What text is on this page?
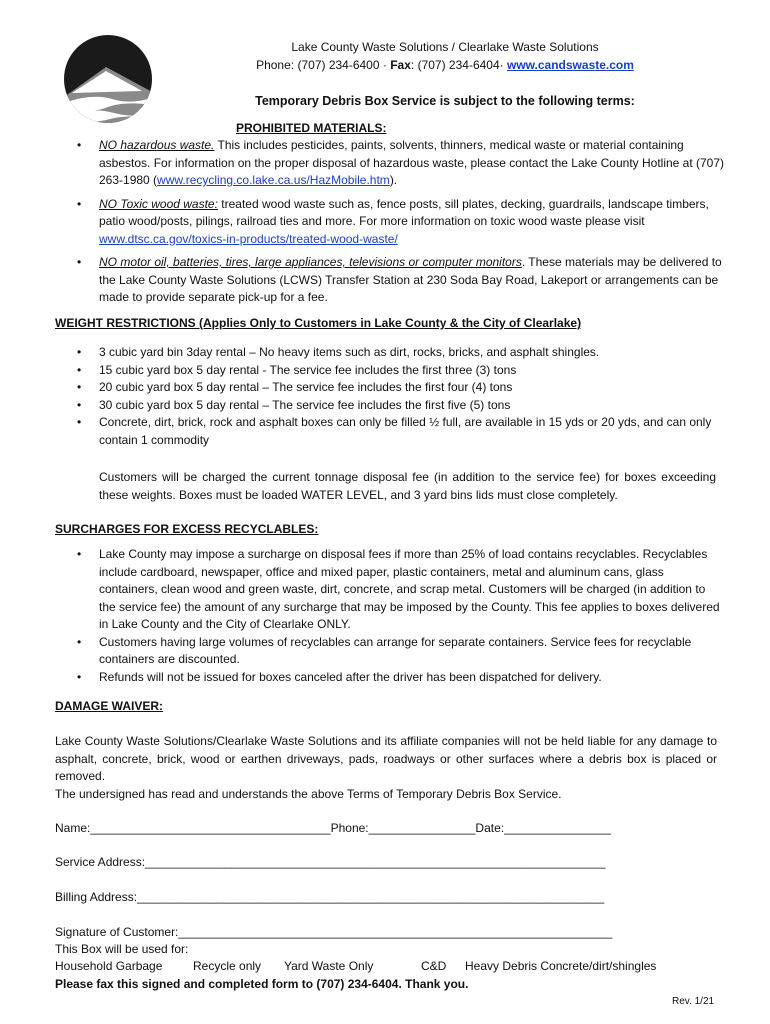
Lake County Waste Solutions / Clearlake Waste Solutions
Phone: (707) 234-6400 · Fax: (707) 234-6404· www.candswaste.com
Temporary Debris Box Service is subject to the following terms:
PROHIBITED MATERIALS:
• NO hazardous waste. This includes pesticides, paints, solvents, thinners, medical waste or material containing asbestos. For information on the proper disposal of hazardous waste, please contact the Lake County Hotline at (707) 263-1980 (www.recycling.co.lake.ca.us/HazMobile.htm).
• NO Toxic wood waste: treated wood waste such as, fence posts, sill plates, decking, guardrails, landscape timbers, patio wood/posts, pilings, railroad ties and more. For more information on toxic wood waste please visit www.dtsc.ca.gov/toxics-in-products/treated-wood-waste/
• NO motor oil, batteries, tires, large appliances, televisions or computer monitors. These materials may be delivered to the Lake County Waste Solutions (LCWS) Transfer Station at 230 Soda Bay Road, Lakeport or arrangements can be made to provide separate pick-up for a fee.
WEIGHT RESTRICTIONS (Applies Only to Customers in Lake County & the City of Clearlake)
• 3 cubic yard bin 3day rental – No heavy items such as dirt, rocks, bricks, and asphalt shingles.
• 15 cubic yard box 5 day rental - The service fee includes the first three (3) tons
• 20 cubic yard box 5 day rental – The service fee includes the first four (4) tons
• 30 cubic yard box 5 day rental – The service fee includes the first five (5) tons
• Concrete, dirt, brick, rock and asphalt boxes can only be filled ½ full, are available in 15 yds or 20 yds, and can only contain 1 commodity
Customers will be charged the current tonnage disposal fee (in addition to the service fee) for boxes exceeding these weights. Boxes must be loaded WATER LEVEL, and 3 yard bins lids must close completely.
SURCHARGES FOR EXCESS RECYCLABLES:
• Lake County may impose a surcharge on disposal fees if more than 25% of load contains recyclables. Recyclables include cardboard, newspaper, office and mixed paper, plastic containers, metal and aluminum cans, glass containers, clean wood and green waste, dirt, concrete, and scrap metal. Customers will be charged (in addition to the service fee) the amount of any surcharge that may be imposed by the County. This fee applies to boxes delivered in Lake County and the City of Clearlake ONLY.
• Customers having large volumes of recyclables can arrange for separate containers. Service fees for recyclable containers are discounted.
• Refunds will not be issued for boxes canceled after the driver has been dispatched for delivery.
DAMAGE WAIVER:
Lake County Waste Solutions/Clearlake Waste Solutions and its affiliate companies will not be held liable for any damage to asphalt, concrete, brick, wood or earthen driveways, pads, roadways or other surfaces where a debris box is placed or removed.
The undersigned has read and understands the above Terms of Temporary Debris Box Service.
Name:____________________________________Phone:________________Date:________________
Service Address:_____________________________________________________________________
Billing Address:______________________________________________________________________
Signature of Customer:_________________________________________________________________
This Box will be used for:
Household Garbage	Recycle only Yard Waste Only	C&D Heavy Debris Concrete/dirt/shingles
Please fax this signed and completed form to (707) 234-6404. Thank you.
Rev. 1/21
